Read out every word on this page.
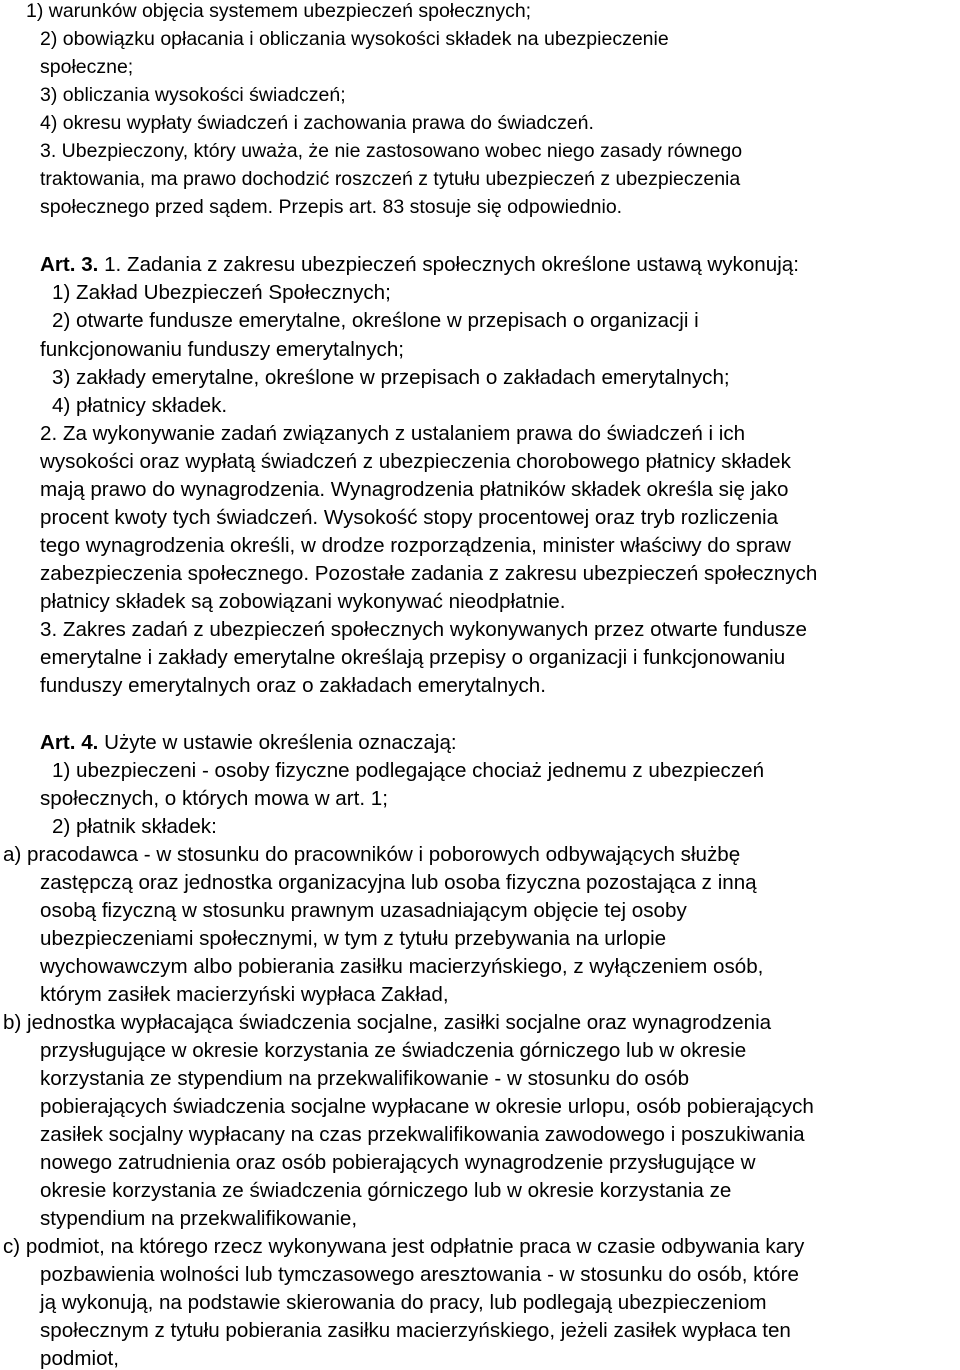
1) warunków objęcia systemem ubezpieczeń społecznych;
2) obowiązku opłacania i obliczania wysokości składek na ubezpieczenie
społeczne;
3) obliczania wysokości świadczeń;
4) okresu wypłaty świadczeń i zachowania prawa do świadczeń.
3. Ubezpieczony, który uważa, że nie zastosowano wobec niego zasady równego
traktowania, ma prawo dochodzić roszczeń z tytułu ubezpieczeń z ubezpieczenia
społecznego przed sądem. Przepis art. 83 stosuje się odpowiednio.
Art. 3. 1. Zadania z zakresu ubezpieczeń społecznych określone ustawą wykonują:
1) Zakład Ubezpieczeń Społecznych;
2) otwarte fundusze emerytalne, określone w przepisach o organizacji i
funkcjonowaniu funduszy emerytalnych;
3) zakłady emerytalne, określone w przepisach o zakładach emerytalnych;
4) płatnicy składek.
2. Za wykonywanie zadań związanych z ustalaniem prawa do świadczeń i ich
wysokości oraz wypłatą świadczeń z ubezpieczenia chorobowego płatnicy składek
mają prawo do wynagrodzenia. Wynagrodzenia płatników składek określa się jako
procent kwoty tych świadczeń. Wysokość stopy procentowej oraz tryb rozliczenia
tego wynagrodzenia określi, w drodze rozporządzenia, minister właściwy do spraw
zabezpieczenia społecznego. Pozostałe zadania z zakresu ubezpieczeń społecznych
płatnicy składek są zobowiązani wykonywać nieodpłatnie.
3. Zakres zadań z ubezpieczeń społecznych wykonywanych przez otwarte fundusze
emerytalne i zakłady emerytalne określają przepisy o organizacji i funkcjonowaniu
funduszy emerytalnych oraz o zakładach emerytalnych.
Art. 4. Użyte w ustawie określenia oznaczają:
1) ubezpieczeni - osoby fizyczne podlegające chociaż jednemu z ubezpieczeń
społecznych, o których mowa w art. 1;
2) płatnik składek:
a) pracodawca - w stosunku do pracowników i poborowych odbywających służbę
zastępczą oraz jednostka organizacyjna lub osoba fizyczna pozostająca z inną
osobą fizyczną w stosunku prawnym uzasadniającym objęcie tej osoby
ubezpieczeniami społecznymi, w tym z tytułu przebywania na urlopie
wychowawczym albo pobierania zasiłku macierzyńskiego, z wyłączeniem osób,
którym zasiłek macierzyński wypłaca Zakład,
b) jednostka wypłacająca świadczenia socjalne, zasiłki socjalne oraz wynagrodzenia
przysługujące w okresie korzystania ze świadczenia górniczego lub w okresie
korzystania ze stypendium na przekwalifikowanie - w stosunku do osób
pobierających świadczenia socjalne wypłacane w okresie urlopu, osób pobierających
zasiłek socjalny wypłacany na czas przekwalifikowania zawodowego i poszukiwania
nowego zatrudnienia oraz osób pobierających wynagrodzenie przysługujące w
okresie korzystania ze świadczenia górniczego lub w okresie korzystania ze
stypendium na przekwalifikowanie,
c) podmiot, na którego rzecz wykonywana jest odpłatnie praca w czasie odbywania kary
pozbawienia wolności lub tymczasowego aresztowania - w stosunku do osób, które
ją wykonują, na podstawie skierowania do pracy, lub podlegają ubezpieczeniom
społecznym z tytułu pobierania zasiłku macierzyńskiego, jeżeli zasiłek wypłaca ten
podmiot,
